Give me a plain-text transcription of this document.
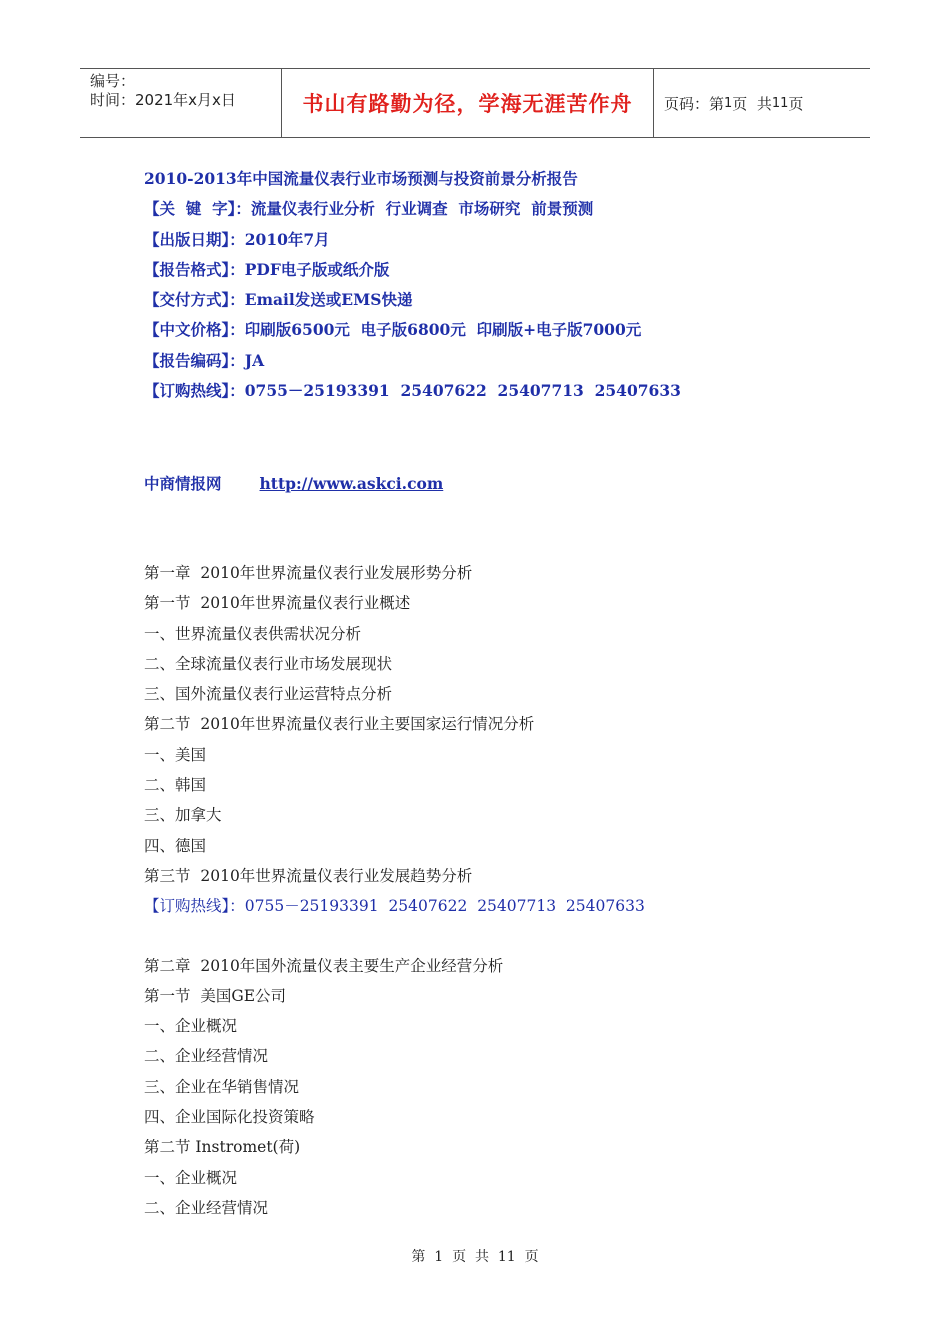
编号：
时间：2021年x月x日	书山有路勤为径，学海无涯苦作舟	页码：第 1 页  共 11 页
2010-2013年中国流量仪表行业市场预测与投资前景分析报告
【关  键  字】：流量仪表行业分析  行业调查  市场研究  前景预测
【出版日期】：2010年7月
【报告格式】：PDF电子版或纸介版
【交付方式】：Email发送或EMS快递
【中文价格】：印刷版6500元  电子版6800元  印刷版+电子版7000元
【报告编码】：JA
【订购热线】：0755－25193391  25407622  25407713  25407633
中商情报网 http://www.askci.com
第一章  2010年世界流量仪表行业发展形势分析
第一节  2010年世界流量仪表行业概述
一、世界流量仪表供需状况分析
二、全球流量仪表行业市场发展现状
三、国外流量仪表行业运营特点分析
第二节  2010年世界流量仪表行业主要国家运行情况分析
一、美国
二、韩国
三、加拿大
四、德国
第三节  2010年世界流量仪表行业发展趋势分析
【订购热线】：0755－25193391  25407622  25407713  25407633
第二章  2010年国外流量仪表主要生产企业经营分析
第一节  美国GE公司
一、企业概况
二、企业经营情况
三、企业在华销售情况
四、企业国际化投资策略
第二节 Instromet(荷)
一、企业概况
二、企业经营情况
第  1  页  共  11  页
